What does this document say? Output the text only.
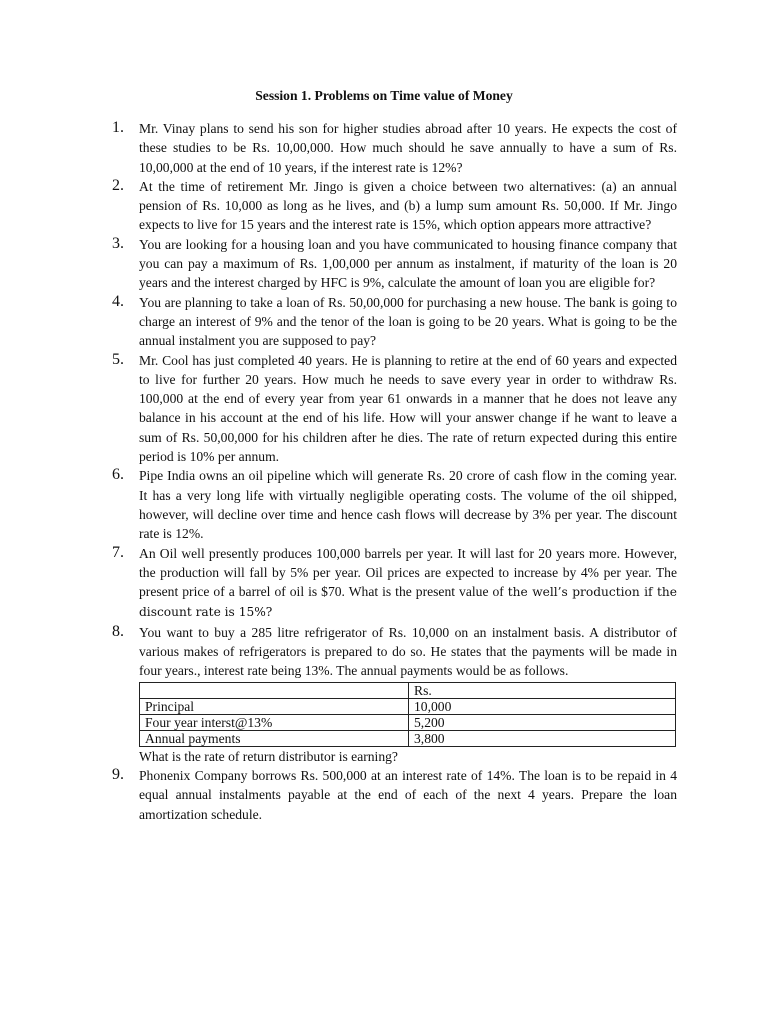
Session 1. Problems on Time value of Money
1. Mr. Vinay plans to send his son for higher studies abroad after 10 years. He expects the cost of these studies to be Rs. 10,00,000. How much should he save annually to have a sum of Rs. 10,00,000 at the end of 10 years, if the interest rate is 12%?

2. At the time of retirement Mr. Jingo is given a choice between two alternatives: (a) an annual pension of Rs. 10,000 as long as he lives, and (b) a lump sum amount Rs. 50,000. If Mr. Jingo expects to live for 15 years and the interest rate is 15%, which option appears more attractive?

3. You are looking for a housing loan and you have communicated to housing finance company that you can pay a maximum of Rs. 1,00,000 per annum as instalment, if maturity of the loan is 20 years and the interest charged by HFC is 9%, calculate the amount of loan you are eligible for?

4. You are planning to take a loan of Rs. 50,00,000 for purchasing a new house. The bank is going to charge an interest of 9% and the tenor of the loan is going to be 20 years. What is going to be the annual instalment you are supposed to pay?

5. Mr. Cool has just completed 40 years. He is planning to retire at the end of 60 years and expected to live for further 20 years. How much he needs to save every year in order to withdraw Rs. 100,000 at the end of every year from year 61 onwards in a manner that he does not leave any balance in his account at the end of his life. How will your answer change if he want to leave a sum of Rs. 50,00,000 for his children after he dies. The rate of return expected during this entire period is 10% per annum.

6. Pipe India owns an oil pipeline which will generate Rs. 20 crore of cash flow in the coming year. It has a very long life with virtually negligible operating costs. The volume of the oil shipped, however, will decline over time and hence cash flows will decrease by 3% per year. The discount rate is 12%.

7. An Oil well presently produces 100,000 barrels per year. It will last for 20 years more. However, the production will fall by 5% per year. Oil prices are expected to increase by 4% per year. The present price of a barrel of oil is $70. What is the present value of the well’s production if the discount rate is 15%?

8. You want to buy a 285 litre refrigerator of Rs. 10,000 on an instalment basis. A distributor of various makes of refrigerators is prepared to do so. He states that the payments will be made in four years., interest rate being 13%. The annual payments would be as follows.

	Rs.
Principal	10,000
Four year interst@13%	5,200
Annual payments	3,800

What is the rate of return distributor is earning?

9. Phonenix Company borrows Rs. 500,000 at an interest rate of 14%. The loan is to be repaid in 4 equal annual instalments payable at the end of each of the next 4 years. Prepare the loan amortization schedule.
